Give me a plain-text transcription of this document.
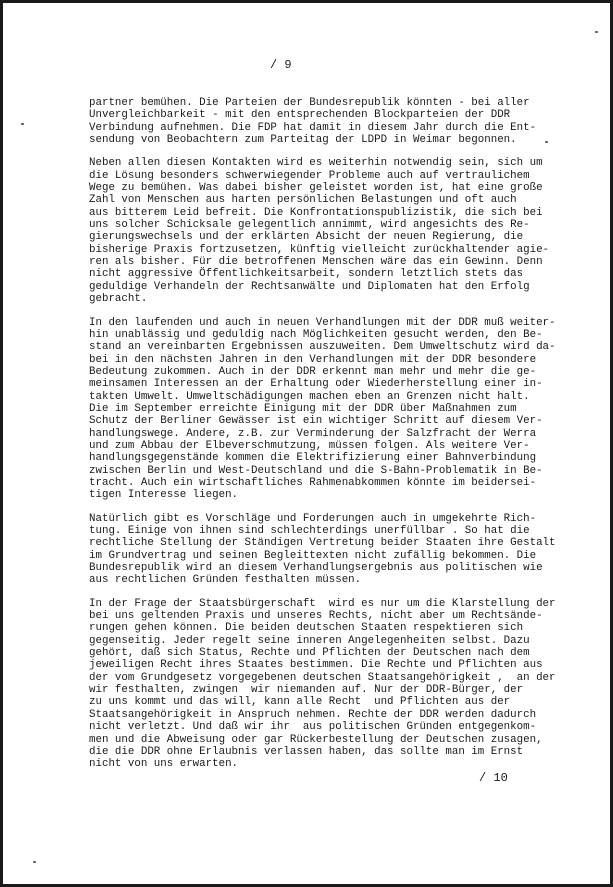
/ 9
partner bemühen. Die Parteien der Bundesrepublik könnten - bei aller
Unvergleichbarkeit - mit den entsprechenden Blockparteien der DDR
Verbindung aufnehmen. Die FDP hat damit in diesem Jahr durch die Ent-
sendung von Beobachtern zum Parteitag der LDPD in Weimar begonnen.
Neben allen diesen Kontakten wird es weiterhin notwendig sein, sich um
die Lösung besonders schwerwiegender Probleme auch auf vertraulichem
Wege zu bemühen. Was dabei bisher geleistet worden ist, hat eine große
Zahl von Menschen aus harten persönlichen Belastungen und oft auch
aus bitterem Leid befreit. Die Konfrontationspublizistik, die sich bei
uns solcher Schicksale gelegentlich annimmt, wird angesichts des Re-
gierungswechsels und der erklärten Absicht der neuen Regierung, die
bisherige Praxis fortzusetzen, künftig vielleicht zurückhaltender agie-
ren als bisher. Für die betroffenen Menschen wäre das ein Gewinn. Denn
nicht aggressive Öffentlichkeitsarbeit, sondern letztlich stets das
geduldige Verhandeln der Rechtsanwälte und Diplomaten hat den Erfolg
gebracht.
In den laufenden und auch in neuen Verhandlungen mit der DDR muß weiter-
hin unablässig und geduldig nach Möglichkeiten gesucht werden, den Be-
stand an vereinbarten Ergebnissen auszuweiten. Dem Umweltschutz wird da-
bei in den nächsten Jahren in den Verhandlungen mit der DDR besondere
Bedeutung zukommen. Auch in der DDR erkennt man mehr und mehr die ge-
meinsamen Interessen an der Erhaltung oder Wiederherstellung einer in-
takten Umwelt. Umweltschädigungen machen eben an Grenzen nicht halt.
Die im September erreichte Einigung mit der DDR über Maßnahmen zum
Schutz der Berliner Gewässer ist ein wichtiger Schritt auf diesem Ver-
handlungswege. Andere, z.B. zur Verminderung der Salzfracht der Werra
und zum Abbau der Elbeverschmutzung, müssen folgen. Als weitere Ver-
handlungsgegenstände kommen die Elektrifizierung einer Bahnverbindung
zwischen Berlin und West-Deutschland und die S-Bahn-Problematik in Be-
tracht. Auch ein wirtschaftliches Rahmenabkommen könnte im beidersei-
tigen Interesse liegen.
Natürlich gibt es Vorschläge und Forderungen auch in umgekehrte Rich-
tung. Einige von ihnen sind schlechterdings unerfüllbar . So hat die
rechtliche Stellung der Ständigen Vertretung beider Staaten ihre Gestalt
im Grundvertrag und seinen Begleittexten nicht zufällig bekommen. Die
Bundesrepublik wird an diesem Verhandlungsergebnis aus politischen wie
aus rechtlichen Gründen festhalten müssen.
In der Frage der Staatsbürgerschaft  wird es nur um die Klarstellung der
bei uns geltenden Praxis und unseres Rechts, nicht aber um Rechtsände-
rungen gehen können. Die beiden deutschen Staaten respektieren sich
gegenseitig. Jeder regelt seine inneren Angelegenheiten selbst. Dazu
gehört, daß sich Status, Rechte und Pflichten der Deutschen nach dem
jeweiligen Recht ihres Staates bestimmen. Die Rechte und Pflichten aus
der vom Grundgesetz vorgegebenen deutschen Staatsangehörigkeit ,  an der
wir festhalten, zwingen  wir niemanden auf. Nur der DDR-Bürger, der
zu uns kommt und das will, kann alle Recht  und Pflichten aus der
Staatsangehörigkeit in Anspruch nehmen. Rechte der DDR werden dadurch
nicht verletzt. Und daß wir ihr  aus politischen Gründen entgegenkom-
men und die Abweisung oder gar Rückerbestellung der Deutschen zusagen,
die die DDR ohne Erlaubnis verlassen haben, das sollte man im Ernst
nicht von uns erwarten.
/ 10
